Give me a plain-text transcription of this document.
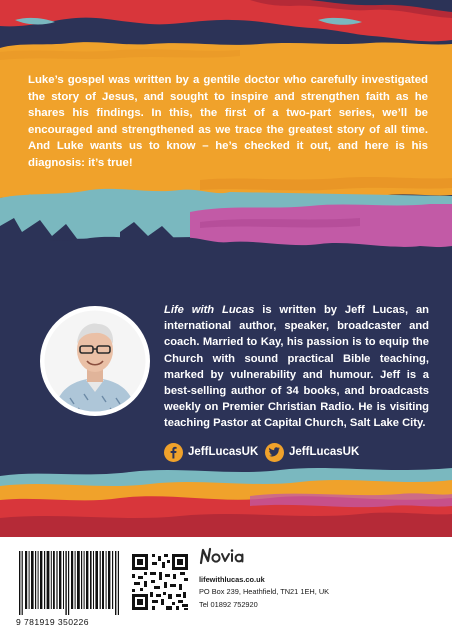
Luke’s gospel was written by a gentile doctor who carefully investigated the story of Jesus, and sought to inspire and strengthen faith as he shares his findings. In this, the first of a two-part series, we’ll be encouraged and strengthened as we trace the greatest story of all time. And Luke wants us to know – he’s checked it out, and here is his diagnosis: it’s true!

Life with Lucas is written by Jeff Lucas, an international author, speaker, broadcaster and coach. Married to Kay, his passion is to equip the Church with sound practical Bible teaching, marked by vulnerability and humour. Jeff is a best-selling author of 34 books, and broadcasts weekly on Premier Christian Radio. He is visiting teaching Pastor at Capital Church, Salt Lake City.

JeffLucasUK	JeffLucasUK
9 781919 350226
lifewithlucas.co.uk
PO Box 239, Heathfield, TN21 1EH, UK
Tel 01892 752920
